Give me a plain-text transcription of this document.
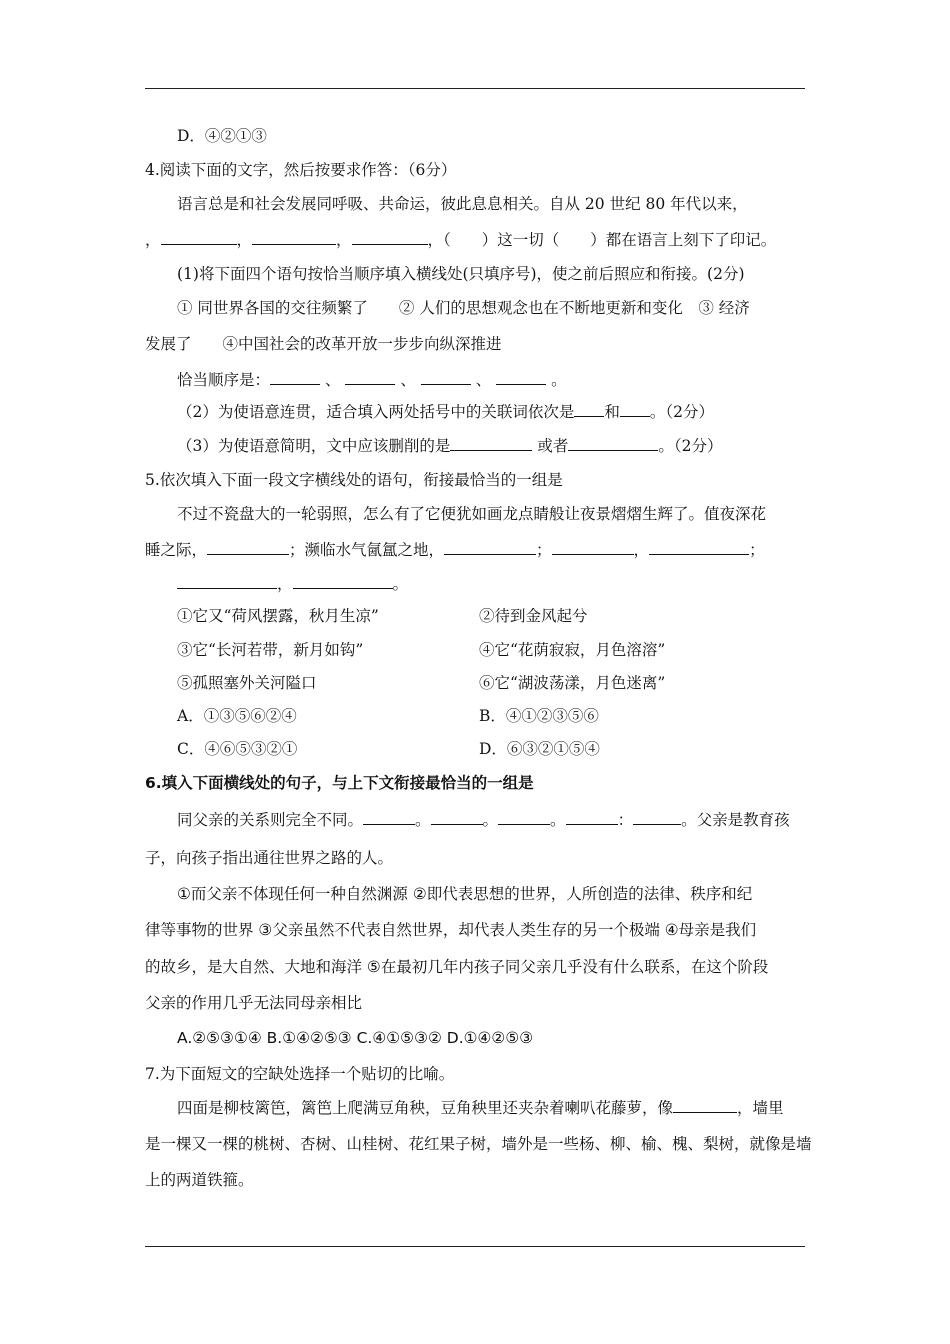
D．④②①③
4.阅读下面的文字，然后按要求作答：（6分）
语言总是和社会发展同呼吸、共命运，彼此息息相关。自从 20 世纪 80 年代以来，
，	，	，	，（　　）这一切（　　）都在语言上刻下了印记。
(1)将下面四个语句按恰当顺序填入横线处(只填序号)，使之前后照应和衔接。(2分)
① 同世界各国的交往频繁了　　② 人们的思想观念也在不断地更新和变化　③ 经济
发展了　　④中国社会的改革开放一步步向纵深推进
恰当顺序是：	、	、	、	。
（2）为使语意连贯，适合填入两处括号中的关联词依次是 和 。（2分）
（3）为使语意简明，文中应该删削的是	或者	。（2分）
5.依次填入下面一段文字横线处的语句，衔接最恰当的一组是
不过不瓷盘大的一轮弱照，怎么有了它便犹如画龙点睛般让夜景熠熠生辉了。值夜深花
睡之际，	；濒临水气氤氲之地，	；	，	；
，	。
①它又“荷风摆露，秋月生凉”	②待到金风起兮
③它“长河若带，新月如钩”	④它“花荫寂寂，月色溶溶”
⑤孤照塞外关河隘口	⑥它“湖波荡漾，月色迷离”
A．①③⑤⑥②④	B．④①②③⑤⑥
C．④⑥⑤③②①	D．⑥③②①⑤④
6.填入下面横线处的句子，与上下文衔接最恰当的一组是
同父亲的关系则完全不同。	。	。	。	：	。父亲是教育孩
子，向孩子指出通往世界之路的人。
①而父亲不体现任何一种自然渊源 ②即代表思想的世界，人所创造的法律、秩序和纪
律等事物的世界 ③父亲虽然不代表自然世界，却代表人类生存的另一个极端 ④母亲是我们
的故乡，是大自然、大地和海洋 ⑤在最初几年内孩子同父亲几乎没有什么联系，在这个阶段
父亲的作用几乎无法同母亲相比
A.②⑤③①④ B.①④②⑤③ C.④①⑤③② D.①④②⑤③
7.为下面短文的空缺处选择一个贴切的比喻。
四面是柳枝篱笆，篱笆上爬满豆角秧，豆角秧里还夹杂着喇叭花藤萝，像	，墙里
是一棵又一棵的桃树、杏树、山桂树、花红果子树，墙外是一些杨、柳、榆、槐、梨树，就像是墙
上的两道铁箍。
